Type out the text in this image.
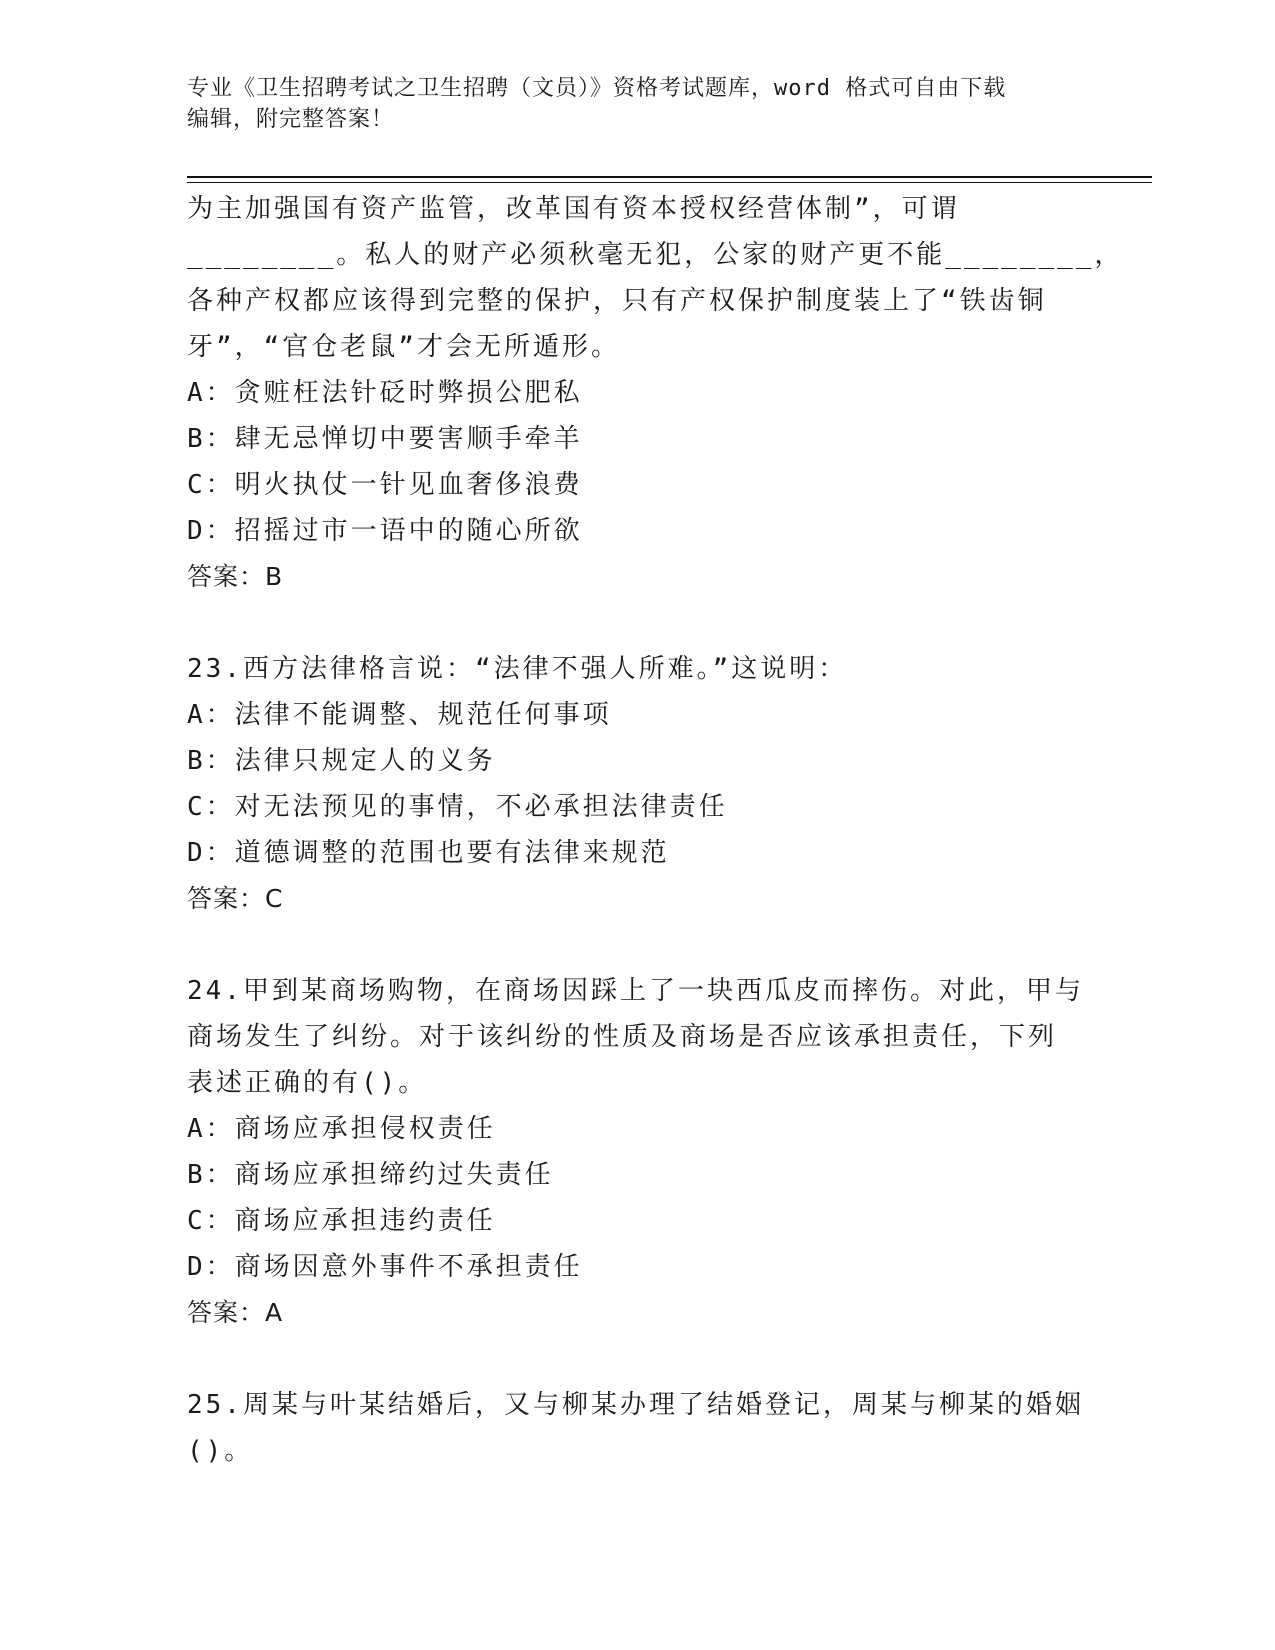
专业《卫生招聘考试之卫生招聘（文员）》资格考试题库，word 格式可自由下载
编辑，附完整答案！
为主加强国有资产监管，改革国有资本授权经营体制”，可谓
________。私人的财产必须秋毫无犯，公家的财产更不能________，
各种产权都应该得到完整的保护，只有产权保护制度装上了“铁齿铜
牙”，“官仓老鼠”才会无所遁形。
A：贪赃枉法针砭时弊损公肥私
B：肆无忌惮切中要害顺手牵羊
C：明火执仗一针见血奢侈浪费
D：招摇过市一语中的随心所欲
答案：B
23.西方法律格言说：“法律不强人所难。”这说明：
A：法律不能调整、规范任何事项
B：法律只规定人的义务
C：对无法预见的事情，不必承担法律责任
D：道德调整的范围也要有法律来规范
答案：C
24.甲到某商场购物，在商场因踩上了一块西瓜皮而摔伤。对此，甲与
商场发生了纠纷。对于该纠纷的性质及商场是否应该承担责任，下列
表述正确的有()。
A：商场应承担侵权责任
B：商场应承担缔约过失责任
C：商场应承担违约责任
D：商场因意外事件不承担责任
答案：A
25.周某与叶某结婚后，又与柳某办理了结婚登记，周某与柳某的婚姻
()。
